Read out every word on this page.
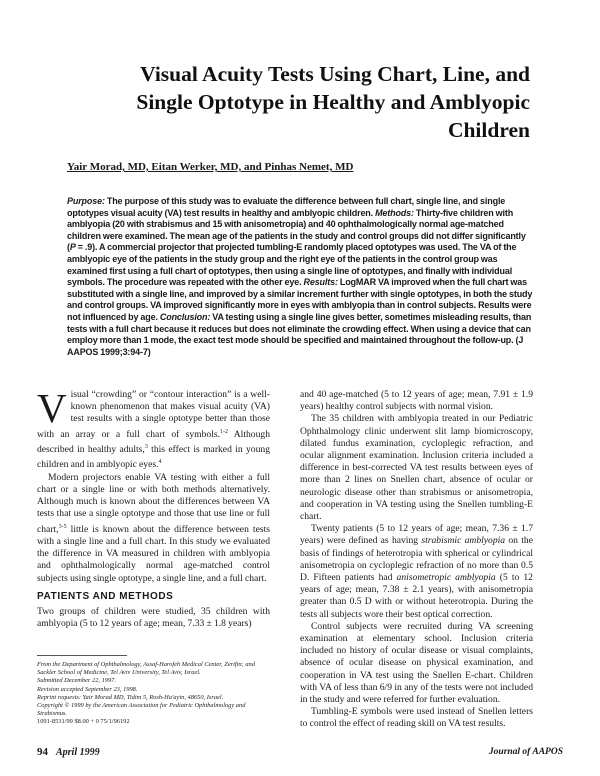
Visual Acuity Tests Using Chart, Line, and
Single Optotype in Healthy and Amblyopic
Children
Yair Morad, MD, Eitan Werker, MD, and Pinhas Nemet, MD
Purpose: The purpose of this study was to evaluate the difference between full chart, single line, and single optotypes visual acuity (VA) test results in healthy and amblyopic children. Methods: Thirty-five children with amblyopia (20 with strabismus and 15 with anisometropia) and 40 ophthalmologically normal age-matched children were examined. The mean age of the patients in the study and control groups did not differ significantly (P = .9). A commercial projector that projected tumbling-E randomly placed optotypes was used. The VA of the amblyopic eye of the patients in the study group and the right eye of the patients in the control group was examined first using a full chart of optotypes, then using a single line of optotypes, and finally with individual symbols. The procedure was repeated with the other eye. Results: LogMAR VA improved when the full chart was substituted with a single line, and improved by a similar increment further with single optotypes, in both the study and control groups. VA improved significantly more in eyes with amblyopia than in control subjects. Results were not influenced by age. Conclusion: VA testing using a single line gives better, sometimes misleading results, than tests with a full chart because it reduces but does not eliminate the crowding effect. When using a device that can employ more than 1 mode, the exact test mode should be specified and maintained throughout the follow-up. (J AAPOS 1999;3:94-7)

Visual “crowding” or “contour interaction” is a well-known phenomenon that makes visual acuity (VA) test results with a single optotype better than those with an array or a full chart of symbols.$^{1-2}$ Although described in healthy adults,$^3$ this effect is marked in young children and in amblyopic eyes.$^4$

Modern projectors enable VA testing with either a full chart or a single line or with both methods alternatively. Although much is known about the differences between VA tests that use a single optotype and those that use line or full chart,$^{3-5}$ little is known about the difference between tests with a single line and a full chart. In this study we evaluated the difference in VA measured in children with amblyopia and ophthalmologically normal age-matched control subjects using single optotype, a single line, and a full chart.

PATIENTS AND METHODS

Two groups of children were studied, 35 children with amblyopia (5 to 12 years of age; mean, 7.33 ± 1.8 years)

From the Department of Ophthalmology, Assaf-Harofeh Medical Center, Zerifin; and
Sackler School of Medicine, Tel Aviv University, Tel Aviv, Israel.
Submitted December 22, 1997.
Revision accepted September 23, 1998.
Reprint requests: Yair Morad MD, Tidim 5, Rosh-Ha'ayin, 48650, Israel.
Copyright © 1999 by the American Association for Pediatric Ophthalmology and
Strabismus.
1091-8531/99 $8.00 + 0 75/1/96192

and 40 age-matched (5 to 12 years of age; mean, 7.91 ± 1.9 years) healthy control subjects with normal vision.

The 35 children with amblyopia treated in our Pediatric Ophthalmology clinic underwent slit lamp biomicroscopy, dilated fundus examination, cycloplegic refraction, and ocular alignment examination. Inclusion criteria included a difference in best-corrected VA test results between eyes of more than 2 lines on Snellen chart, absence of ocular or neurologic disease other than strabismus or anisometropia, and cooperation in VA testing using the Snellen tumbling-E chart.

Twenty patients (5 to 12 years of age; mean, 7.36 ± 1.7 years) were defined as having strabismic amblyopia on the basis of findings of heterotropia with spherical or cylindrical anisometropia on cycloplegic refraction of no more than 0.5 D. Fifteen patients had anisometropic amblyopia (5 to 12 years of age; mean, 7.38 ± 2.1 years), with anisometropia greater than 0.5 D with or without heterotropia. During the tests all subjects wore their best optical correction.

Control subjects were recruited during VA screening examination at elementary school. Inclusion criteria included no history of ocular disease or visual complaints, absence of ocular disease on physical examination, and cooperation in VA test using the Snellen E-chart. Children with VA of less than 6/9 in any of the tests were not included in the study and were referred for further evaluation.

Tumbling-E symbols were used instead of Snellen letters to control the effect of reading skill on VA test results.

94 April 1999	Journal of AAPOS
